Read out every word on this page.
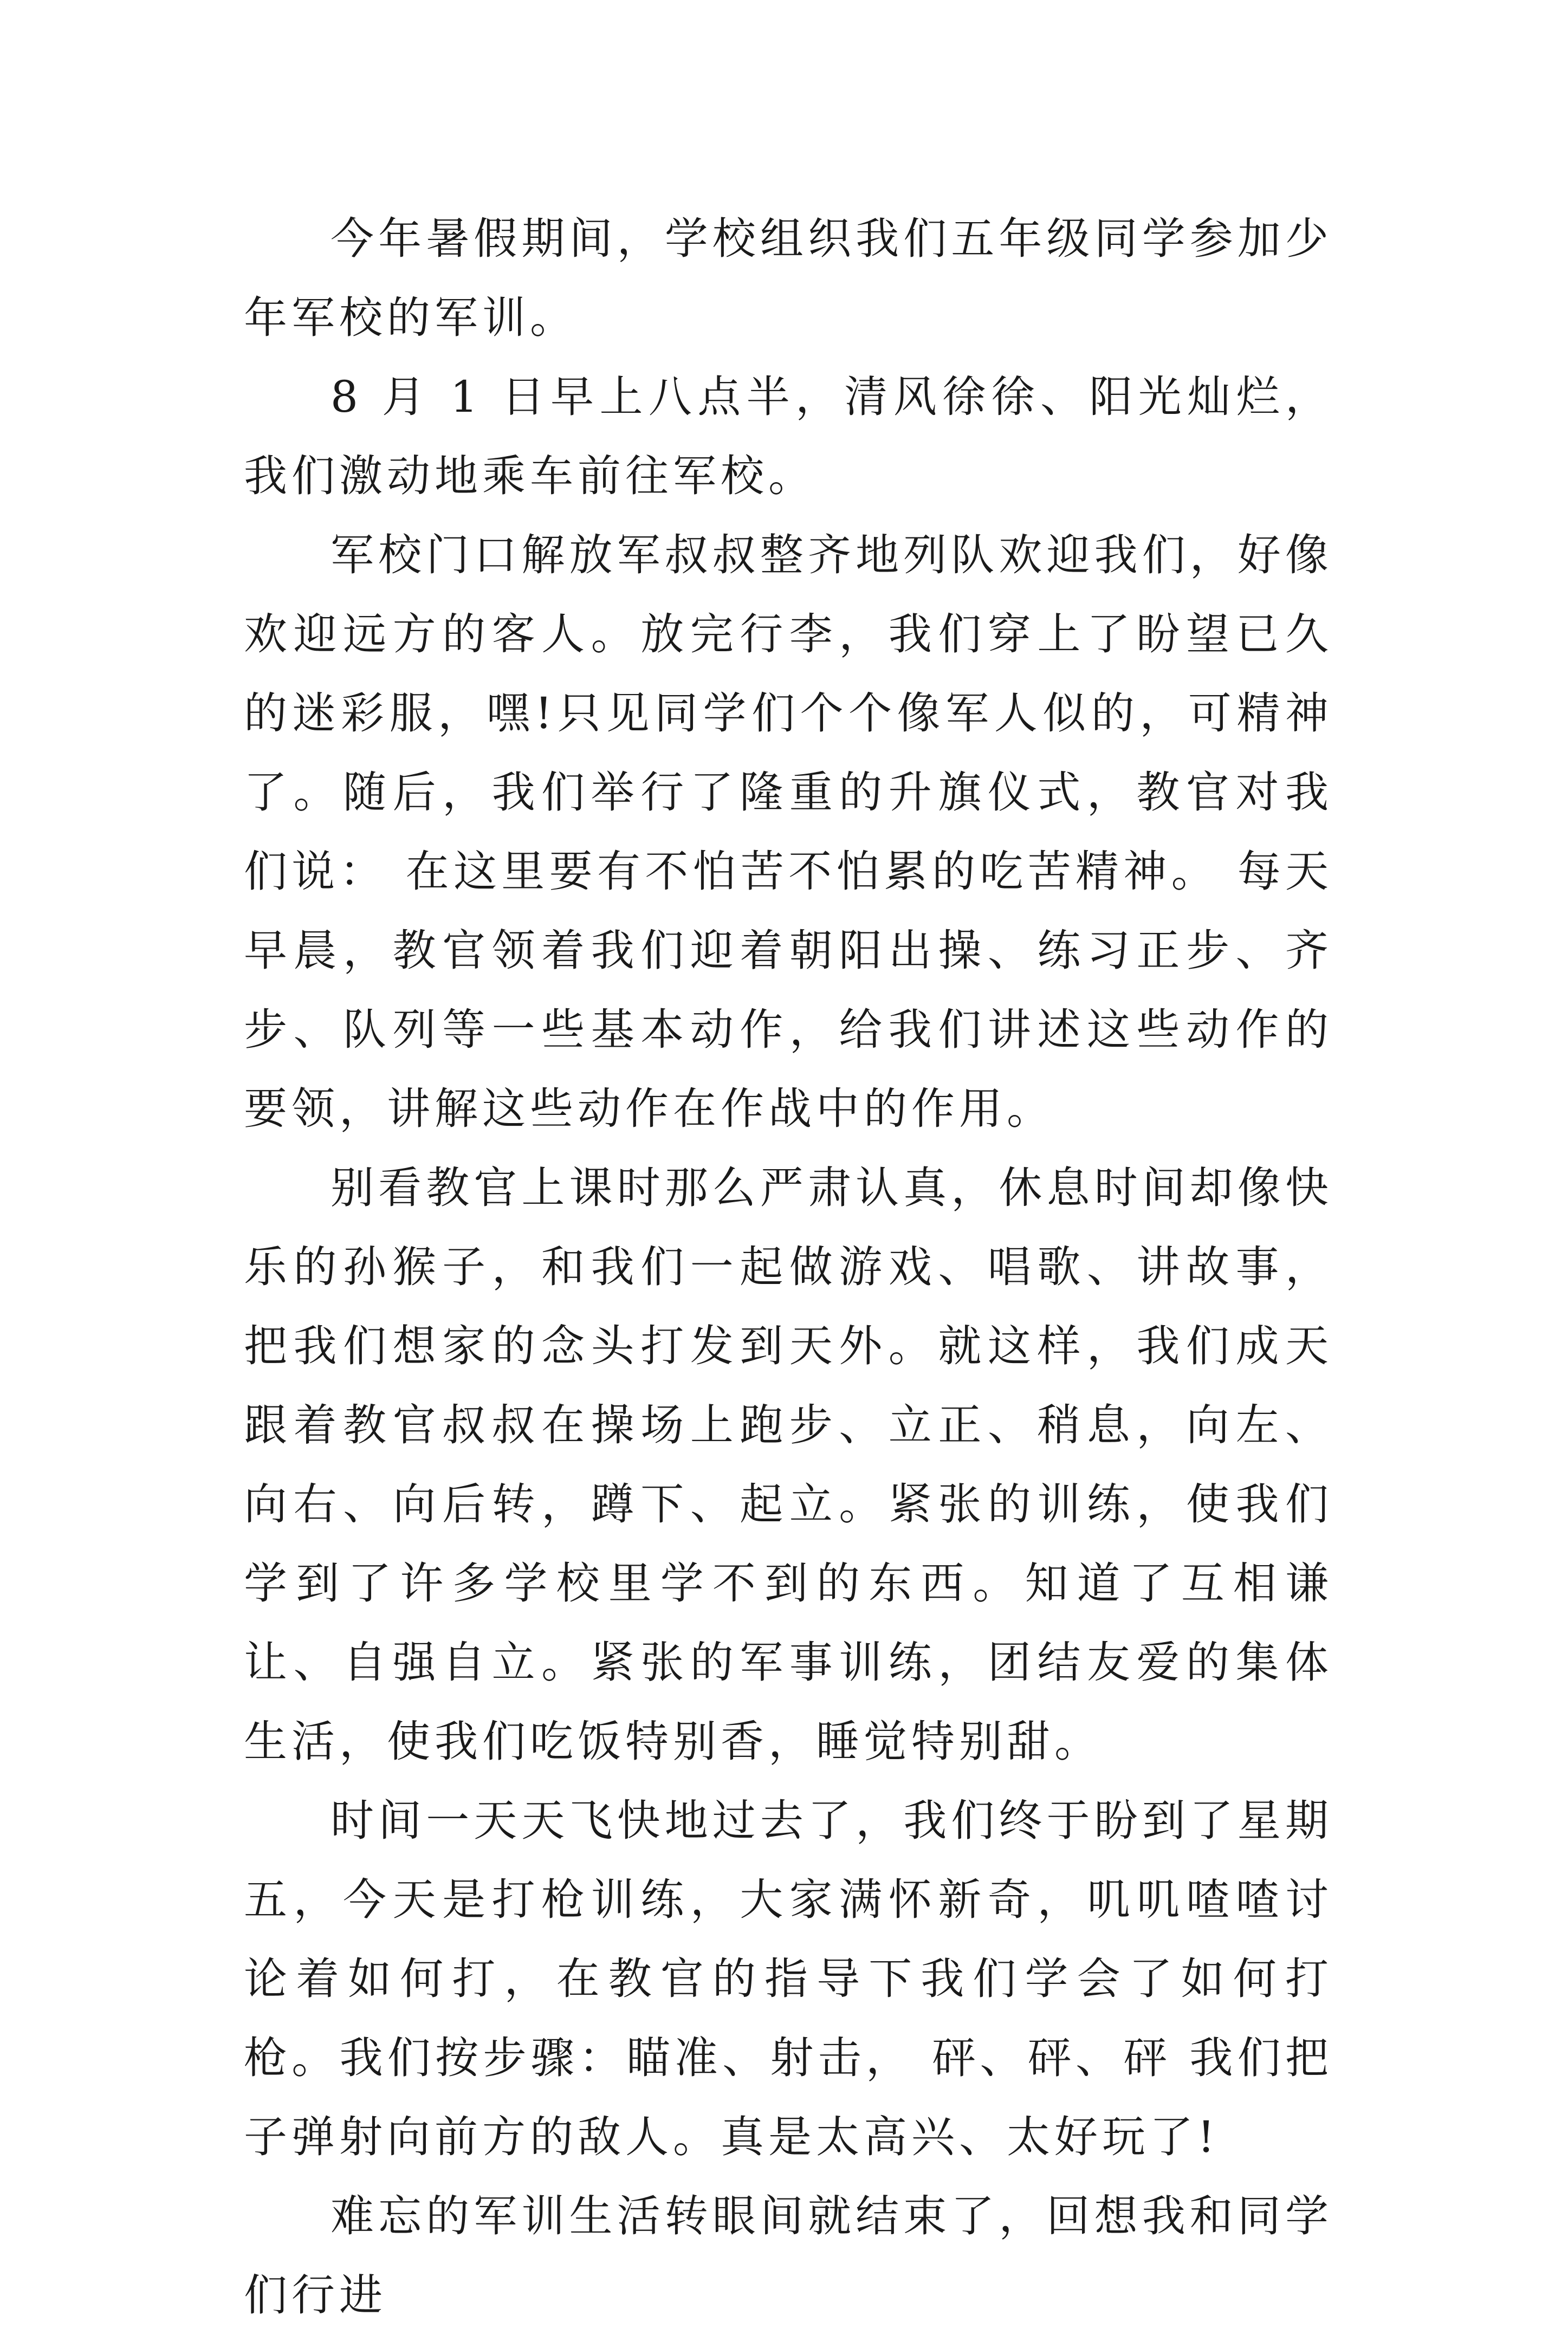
今年暑假期间，学校组织我们五年级同学参加少年军校的军训。

8 月 1 日早上八点半，清风徐徐、阳光灿烂，我们激动地乘车前往军校。

军校门口解放军叔叔整齐地列队欢迎我们，好像欢迎远方的客人。放完行李，我们穿上了盼望已久的迷彩服，嘿!只见同学们个个像军人似的，可精神了。随后，我们举行了隆重的升旗仪式，教官对我们说： 在这里要有不怕苦不怕累的吃苦精神。 每天早晨，教官领着我们迎着朝阳出操、练习正步、齐步、队列等一些基本动作，给我们讲述这些动作的要领，讲解这些动作在作战中的作用。

别看教官上课时那么严肃认真，休息时间却像快乐的孙猴子，和我们一起做游戏、唱歌、讲故事，把我们想家的念头打发到天外。就这样，我们成天跟着教官叔叔在操场上跑步、立正、稍息，向左、向右、向后转，蹲下、起立。紧张的训练，使我们学到了许多学校里学不到的东西。知道了互相谦让、自强自立。紧张的军事训练，团结友爱的集体生活，使我们吃饭特别香，睡觉特别甜。

时间一天天飞快地过去了，我们终于盼到了星期五，今天是打枪训练，大家满怀新奇，叽叽喳喳讨论着如何打，在教官的指导下我们学会了如何打枪。我们按步骤：瞄准、射击， 砰、砰、砰 我们把子弹射向前方的敌人。真是太高兴、太好玩了!

难忘的军训生活转眼间就结束了，回想我和同学们行进
